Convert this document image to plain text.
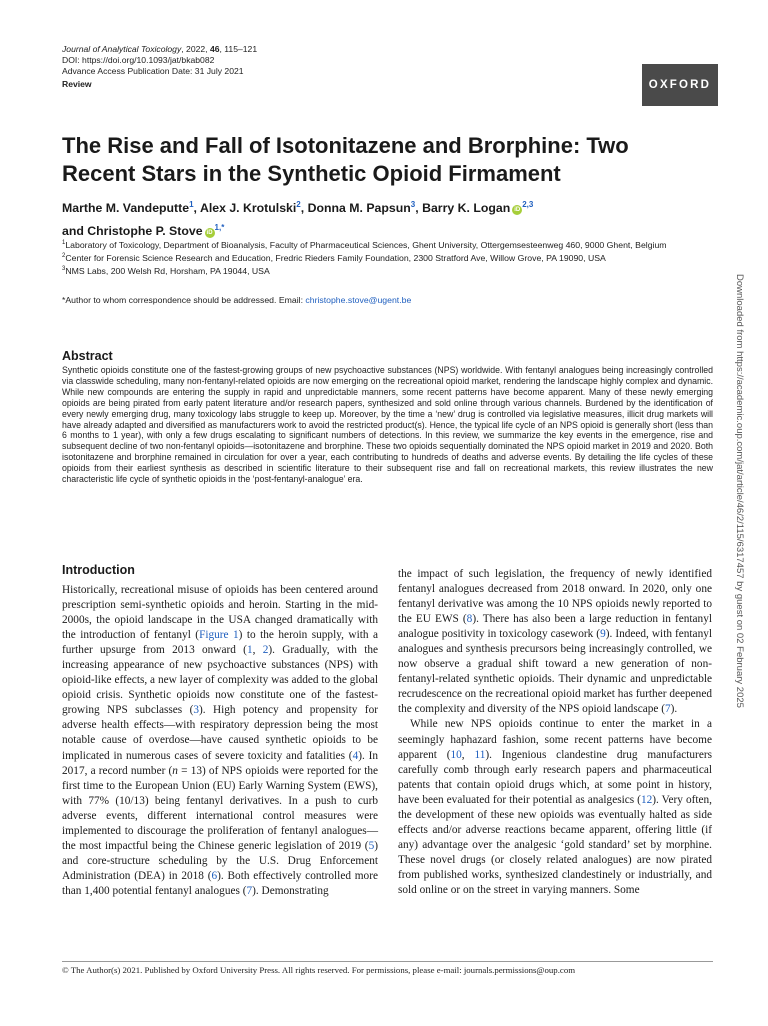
Journal of Analytical Toxicology, 2022, 46, 115–121
DOI: https://doi.org/10.1093/jat/bkab082
Advance Access Publication Date: 31 July 2021
Review	OXFORD
The Rise and Fall of Isotonitazene and Brorphine: Two Recent Stars in the Synthetic Opioid Firmament
Marthe M. Vandeputte$^1$, Alex J. Krotulski$^2$, Donna M. Papsun$^3$, Barry K. Logan iD$^{2,3}$
and Christophe P. Stove $iD^{1,*}$

$^1$Laboratory of Toxicology, Department of Bioanalysis, Faculty of Pharmaceutical Sciences, Ghent University, Ottergemsesteenweg 460, 9000 Ghent, Belgium

$^2$Center for Forensic Science Research and Education, Fredric Rieders Family Foundation, 2300 Stratford Ave, Willow Grove, PA 19090, USA

$^3$NMS Labs, 200 Welsh Rd, Horsham, PA 19044, USA

*Author to whom correspondence should be addressed. Email: christophe.stove@ugent.be
Abstract

Synthetic opioids constitute one of the fastest-growing groups of new psychoactive substances (NPS) worldwide. With fentanyl analogues being increasingly controlled via classwide scheduling, many non-fentanyl-related opioids are now emerging on the recreational opioid market, rendering the landscape highly complex and dynamic. While new compounds are entering the supply in rapid and unpredictable manners, some recent patterns have become apparent. Many of these newly emerging opioids are being pirated from early patent literature and/or research papers, synthesized and sold online through various channels. Burdened by the identification of every newly emerging drug, many toxicology labs struggle to keep up. Moreover, by the time a ‘new’ drug is controlled via legislative measures, illicit drug markets will have already adapted and diversified as manufacturers work to avoid the restricted product(s). Hence, the typical life cycle of an NPS opioid is generally short (less than 6 months to 1 year), with only a few drugs escalating to significant numbers of detections. In this review, we summarize the key events in the emergence, rise and subsequent decline of two non-fentanyl opioids—isotonitazene and brorphine. These two opioids sequentially dominated the NPS opioid market in 2019 and 2020. Both isotonitazene and brorphine remained in circulation for over a year, each contributing to hundreds of deaths and adverse events. By detailing the life cycles of these opioids from their earliest synthesis as described in scientific literature to their subsequent rise and fall on recreational markets, this review illustrates the new characteristic life cycle of synthetic opioids in the ‘post-fentanyl-analogue’ era.

Introduction

Historically, recreational misuse of opioids has been centered around prescription semi-synthetic opioids and heroin. Starting in the mid-2000s, the opioid landscape in the USA changed dramatically with the introduction of fentanyl (Figure 1) to the heroin supply, with a further upsurge from 2013 onward (1, 2). Gradually, with the increasing appearance of new psychoactive substances (NPS) with opioid-like effects, a new layer of complexity was added to the global opioid crisis. Synthetic opioids now constitute one of the fastest-growing NPS subclasses (3). High potency and propensity for adverse health effects—with respiratory depression being the most notable cause of overdose—have caused synthetic opioids to be implicated in numerous cases of severe toxicity and fatalities (4). In 2017, a record number (n = 13) of NPS opioids were reported for the first time to the European Union (EU) Early Warning System (EWS), with 77% (10/13) being fentanyl derivatives. In a push to curb adverse events, different international control measures were implemented to discourage the proliferation of fentanyl analogues—the most impactful being the Chinese generic legislation of 2019 (5) and core-structure scheduling by the U.S. Drug Enforcement Administration (DEA) in 2018 (6). Both effectively controlled more than 1,400 potential fentanyl analogues (7). Demonstrating

the impact of such legislation, the frequency of newly identified fentanyl analogues decreased from 2018 onward. In 2020, only one fentanyl derivative was among the 10 NPS opioids newly reported to the EU EWS (8). There has also been a large reduction in fentanyl analogue positivity in toxicology casework (9). Indeed, with fentanyl analogues and synthesis precursors being increasingly controlled, we now observe a gradual shift toward a new generation of non-fentanyl-related synthetic opioids. Their dynamic and unpredictable recrudescence on the recreational opioid market has further deepened the complexity and diversity of the NPS opioid landscape (7).

While new NPS opioids continue to enter the market in a seemingly haphazard fashion, some recent patterns have become apparent (10, 11). Ingenious clandestine drug manufacturers carefully comb through early research papers and pharmaceutical patents that contain opioid drugs which, at some point in history, have been evaluated for their potential as analgesics (12). Very often, the development of these new opioids was eventually halted as side effects and/or adverse reactions became apparent, offering little (if any) advantage over the analgesic ‘gold standard’ set by morphine. These novel drugs (or closely related analogues) are now pirated from published works, synthesized clandestinely or industrially, and sold online or on the street in varying manners. Some

© The Author(s) 2021. Published by Oxford University Press. All rights reserved. For permissions, please e-mail: journals.permissions@oup.com
Downloaded from https://academic.oup.com/jat/article/46/2/115/6317457 by guest on 02 February 2025
